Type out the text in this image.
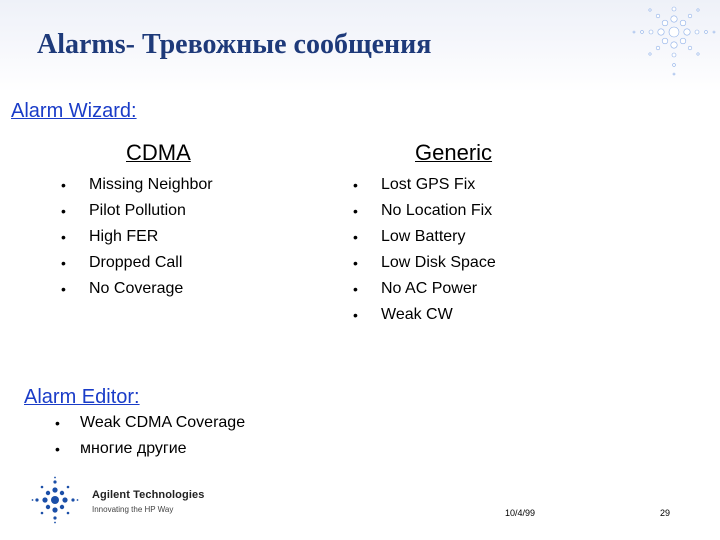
Alarms- Тревожные сообщения
Alarm Wizard:
CDMA	Generic
• Missing Neighbor
• Pilot Pollution
• High FER
• Dropped Call
• No Coverage
• Lost GPS Fix
• No Location Fix
• Low Battery
• Low Disk Space
• No AC Power
• Weak CW
Alarm Editor:
• Weak CDMA Coverage
• многие другие
Agilent Technologies
Innovating the HP Way	10/4/99	29
